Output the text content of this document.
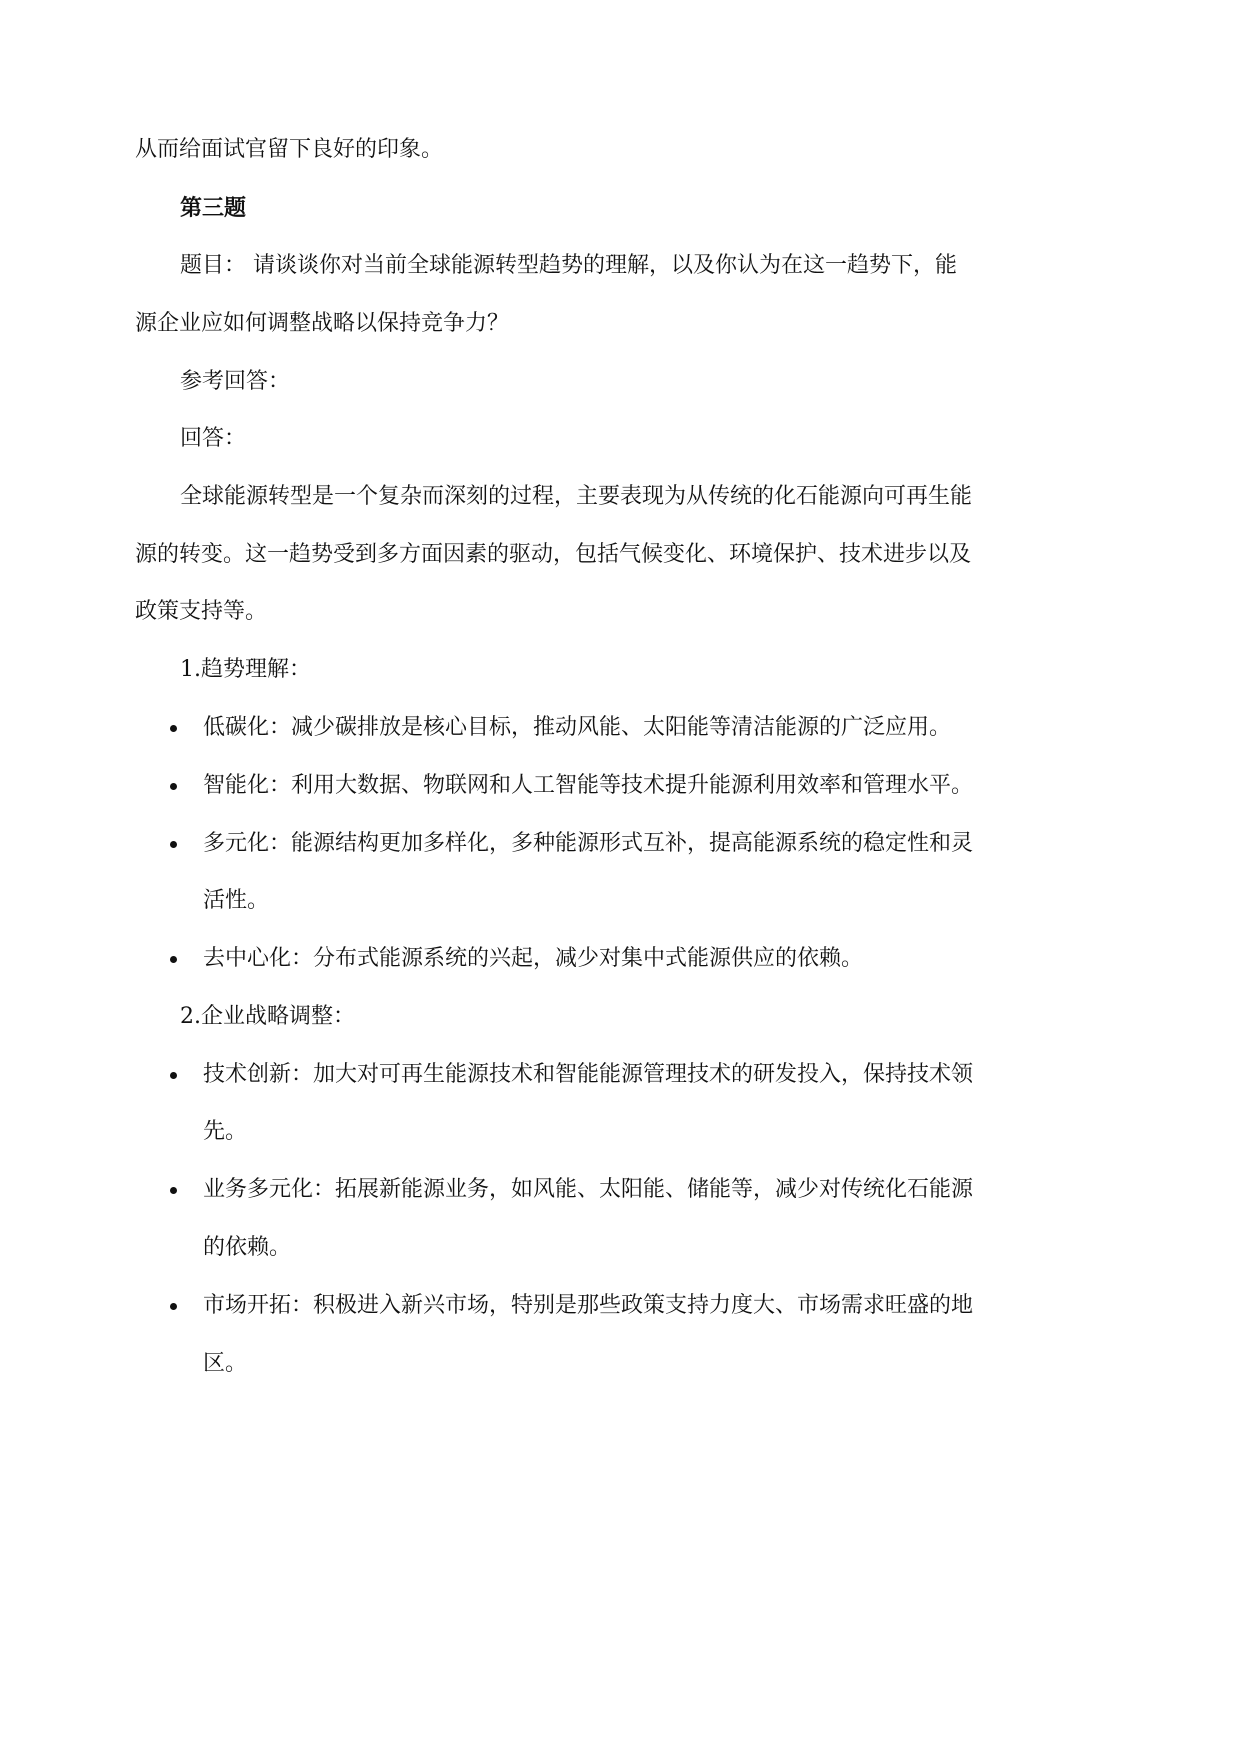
从而给面试官留下良好的印象。
第三题
题目： 请谈谈你对当前全球能源转型趋势的理解，以及你认为在这一趋势下，能
源企业应如何调整战略以保持竞争力？
参考回答：
回答：
全球能源转型是一个复杂而深刻的过程，主要表现为从传统的化石能源向可再生能
源的转变。这一趋势受到多方面因素的驱动，包括气候变化、环境保护、技术进步以及
政策支持等。
1.趋势理解：
低碳化：减少碳排放是核心目标，推动风能、太阳能等清洁能源的广泛应用。
智能化：利用大数据、物联网和人工智能等技术提升能源利用效率和管理水平。
多元化：能源结构更加多样化，多种能源形式互补，提高能源系统的稳定性和灵
活性。
去中心化：分布式能源系统的兴起，减少对集中式能源供应的依赖。
2.企业战略调整：
技术创新：加大对可再生能源技术和智能能源管理技术的研发投入，保持技术领
先。
业务多元化：拓展新能源业务，如风能、太阳能、储能等，减少对传统化石能源
的依赖。
市场开拓：积极进入新兴市场，特别是那些政策支持力度大、市场需求旺盛的地
区。
